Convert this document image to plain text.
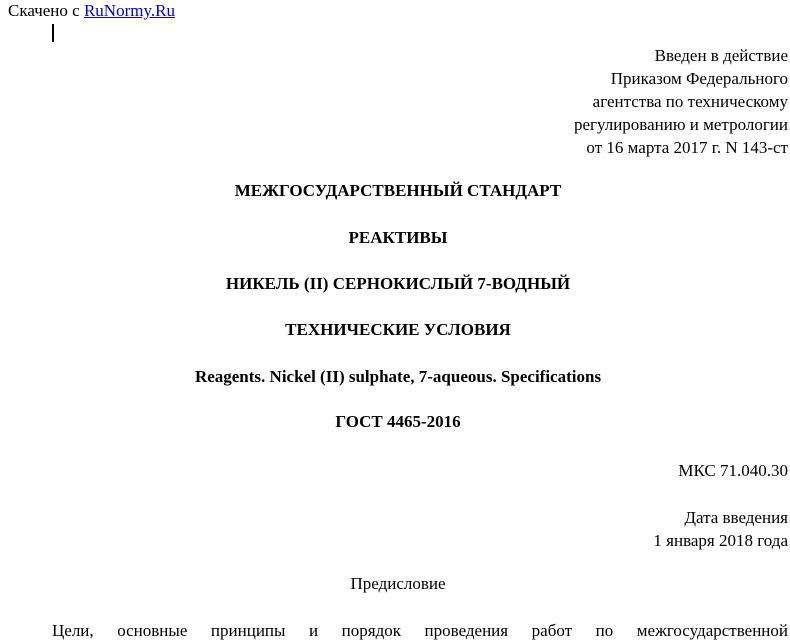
Скачено с RuNormy.Ru
Введен в действие
Приказом Федерального
агентства по техническому
регулированию и метрологии
от 16 марта 2017 г. N 143-ст
МЕЖГОСУДАРСТВЕННЫЙ СТАНДАРТ
РЕАКТИВЫ
НИКЕЛЬ (II) СЕРНОКИСЛЫЙ 7-ВОДНЫЙ
ТЕХНИЧЕСКИЕ УСЛОВИЯ
Reagents. Nickel (II) sulphate, 7-aqueous. Specifications
ГОСТ 4465-2016
МКС 71.040.30
Дата введения
1 января 2018 года
Предисловие
Цели, основные принципы и порядок проведения работ по межгосударственной
